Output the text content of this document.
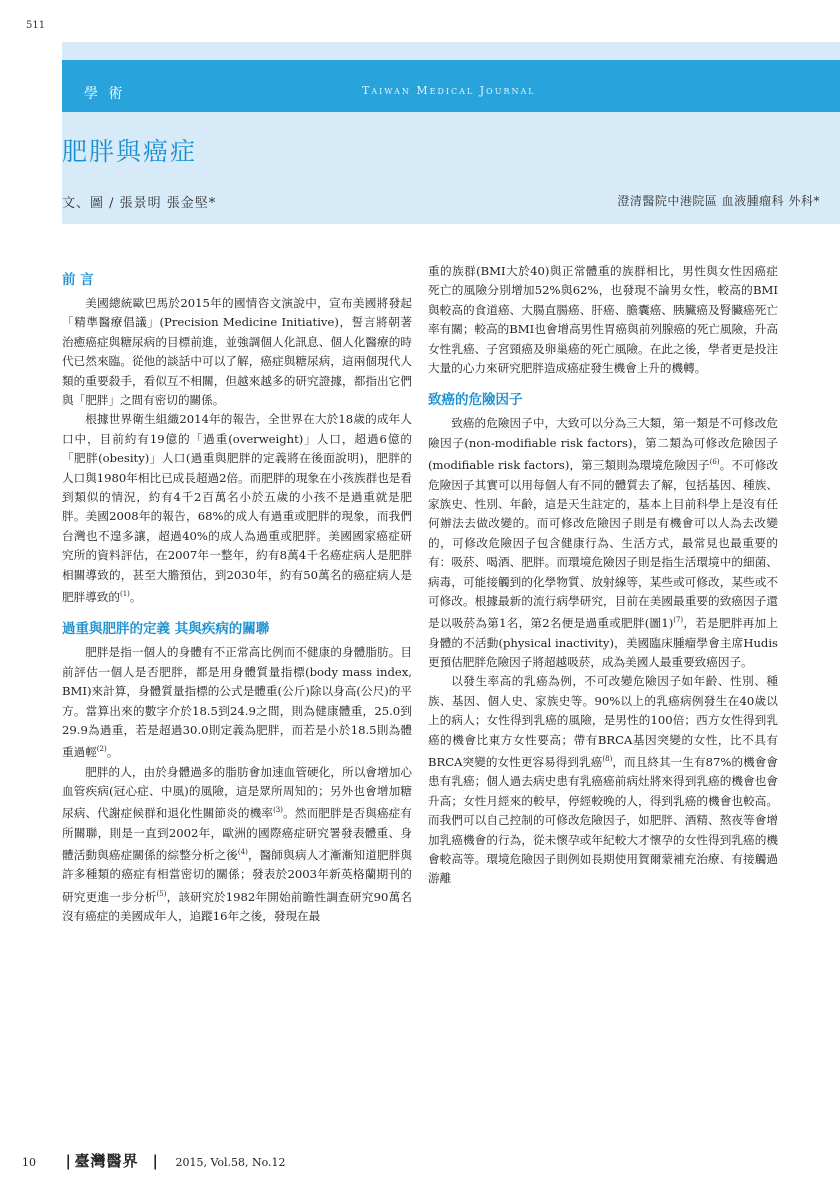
511
學 術	Taiwan Medical Journal
肥胖與癌症
文、圖 / 張景明 張金堅*	澄清醫院中港院區 血液腫瘤科 外科*
前 言

美國總統歐巴馬於2015年的國情咨文演說中，宣布美國將發起「精準醫療倡議」(Precision Medicine Initiative)，誓言將朝著治癒癌症與糖尿病的目標前進，並強調個人化訊息、個人化醫療的時代已然來臨。從他的談話中可以了解，癌症與糖尿病，這兩個現代人類的重要殺手，看似互不相關，但越來越多的研究證據，都指出它們與「肥胖」之間有密切的關係。

根據世界衛生組織2014年的報告，全世界在大於18歲的成年人口中，目前約有19億的「過重(overweight)」人口，超過6億的「肥胖(obesity)」人口(過重與肥胖的定義將在後面說明)，肥胖的人口與1980年相比已成長超過2倍。而肥胖的現象在小孩族群也是看到類似的情況，約有4千2百萬名小於五歲的小孩不是過重就是肥胖。美國2008年的報告，68%的成人有過重或肥胖的現象，而我們台灣也不遑多讓，超過40%的成人為過重或肥胖。美國國家癌症研究所的資料評估，在2007年一整年，約有8萬4千名癌症病人是肥胖相關導致的，甚至大膽預估，到2030年，約有50萬名的癌症病人是肥胖導致的$^{(1)}$。

過重與肥胖的定義 其與疾病的關聯

肥胖是指一個人的身體有不正常高比例而不健康的身體脂肪。目前評估一個人是否肥胖，都是用身體質量指標(body mass index, BMI)來計算，身體質量指標的公式是體重(公斤)除以身高(公尺)的平方。當算出來的數字介於18.5到24.9之間，則為健康體重，25.0到29.9為過重，若是超過30.0則定義為肥胖，而若是小於18.5則為體重過輕$^{(2)}$。

肥胖的人，由於身體過多的脂肪會加速血管硬化，所以會增加心血管疾病(冠心症、中風)的風險，這是眾所周知的；另外也會增加糖尿病、代謝症候群和退化性關節炎的機率$^{(3)}$。然而肥胖是否與癌症有所關聯，則是一直到2002年，歐洲的國際癌症研究署發表體重、身體活動與癌症關係的綜整分析之後$^{(4)}$，醫師與病人才漸漸知道肥胖與許多種類的癌症有相當密切的關係；發表於2003年新英格蘭期刊的研究更進一步分析$^{(5)}$，該研究於1982年開始前瞻性調查研究90萬名沒有癌症的美國成年人，追蹤16年之後，發現在最

重的族群(BMI大於40)與正常體重的族群相比，男性與女性因癌症死亡的風險分別增加52%與62%，也發現不論男女性，較高的BMI與較高的食道癌、大腸直腸癌、肝癌、膽囊癌、胰臟癌及腎臟癌死亡率有關；較高的BMI也會增高男性胃癌與前列腺癌的死亡風險，升高女性乳癌、子宮頸癌及卵巢癌的死亡風險。在此之後，學者更是投注大量的心力來研究肥胖造成癌症發生機會上升的機轉。

致癌的危險因子

致癌的危險因子中，大致可以分為三大類，第一類是不可修改危險因子(non-modifiable risk factors)，第二類為可修改危險因子(modifiable risk factors)，第三類則為環境危險因子$^{(6)}$。不可修改危險因子其實可以用每個人有不同的體質去了解，包括基因、種族、家族史、性別、年齡，這是天生註定的，基本上目前科學上是沒有任何辦法去做改變的。而可修改危險因子則是有機會可以人為去改變的，可修改危險因子包含健康行為、生活方式，最常見也最重要的有：吸菸、喝酒、肥胖。而環境危險因子則是指生活環境中的細菌、病毒，可能接觸到的化學物質、放射線等，某些或可修改，某些或不可修改。根據最新的流行病學研究，目前在美國最重要的致癌因子還是以吸菸為第1名，第2名便是過重或肥胖(圖1)$^{(7)}$，若是肥胖再加上身體的不活動(physical inactivity)，美國臨床腫瘤學會主席Hudis更預估肥胖危險因子將超越吸菸，成為美國人最重要致癌因子。

以發生率高的乳癌為例，不可改變危險因子如年齡、性別、種族、基因、個人史、家族史等。90%以上的乳癌病例發生在40歲以上的病人；女性得到乳癌的風險，是男性的100倍；西方女性得到乳癌的機會比東方女性要高；帶有BRCA基因突變的女性，比不具有BRCA突變的女性更容易得到乳癌$^{(8)}$，而且終其一生有87%的機會會患有乳癌；個人過去病史患有乳癌癌前病灶將來得到乳癌的機會也會升高；女性月經來的較早，停經較晚的人，得到乳癌的機會也較高。而我們可以自己控制的可修改危險因子，如肥胖、酒精、熬夜等會增加乳癌機會的行為，從未懷孕或年紀較大才懷孕的女性得到乳癌的機會較高等。環境危險因子則例如長期使用賀爾蒙補充治療、有接觸過游離

10 | 臺灣醫界 | 2015, Vol.58, No.12
